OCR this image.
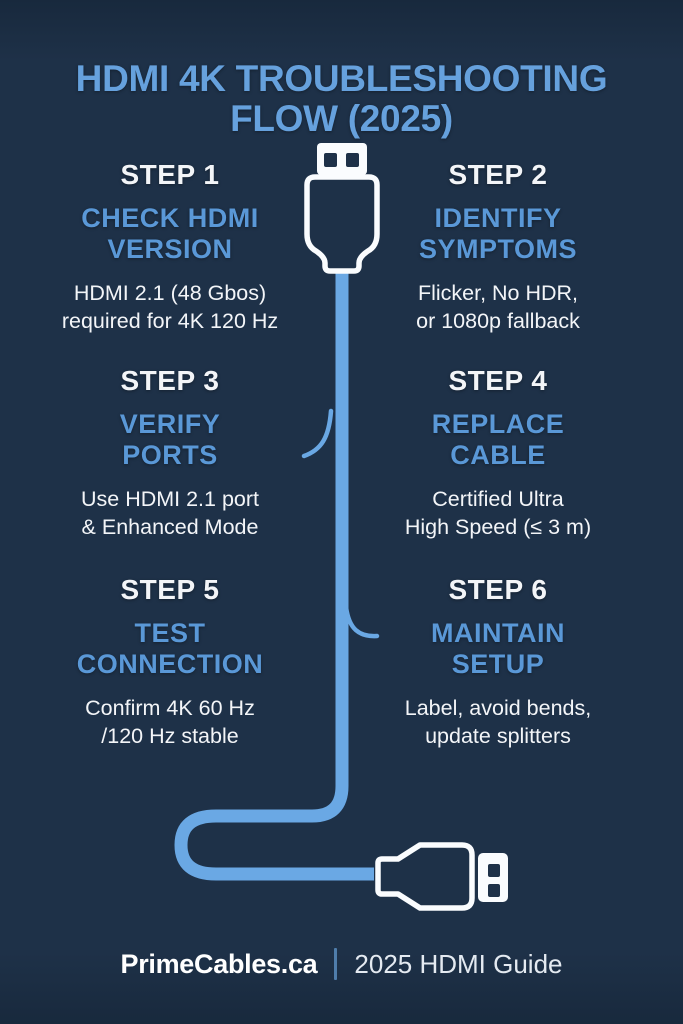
HDMI 4K TROUBLESHOOTING
FLOW (2025)
STEP 1
CHECK HDMI
VERSION
HDMI 2.1 (48 Gbos)
required for 4K 120 Hz
STEP 2
IDENTIFY
SYMPTOMS
Flicker, No HDR,
or 1080p fallback
STEP 3
VERIFY
PORTS
Use HDMI 2.1 port
& Enhanced Mode
STEP 4
REPLACE
CABLE
Certified Ultra
High Speed (≤ 3 m)
STEP 5
TEST
CONNECTION
Confirm 4K 60 Hz
/120 Hz stable
STEP 6
MAINTAIN
SETUP
Label, avoid bends,
update splitters
PrimeCables.ca 2025 HDMI Guide
